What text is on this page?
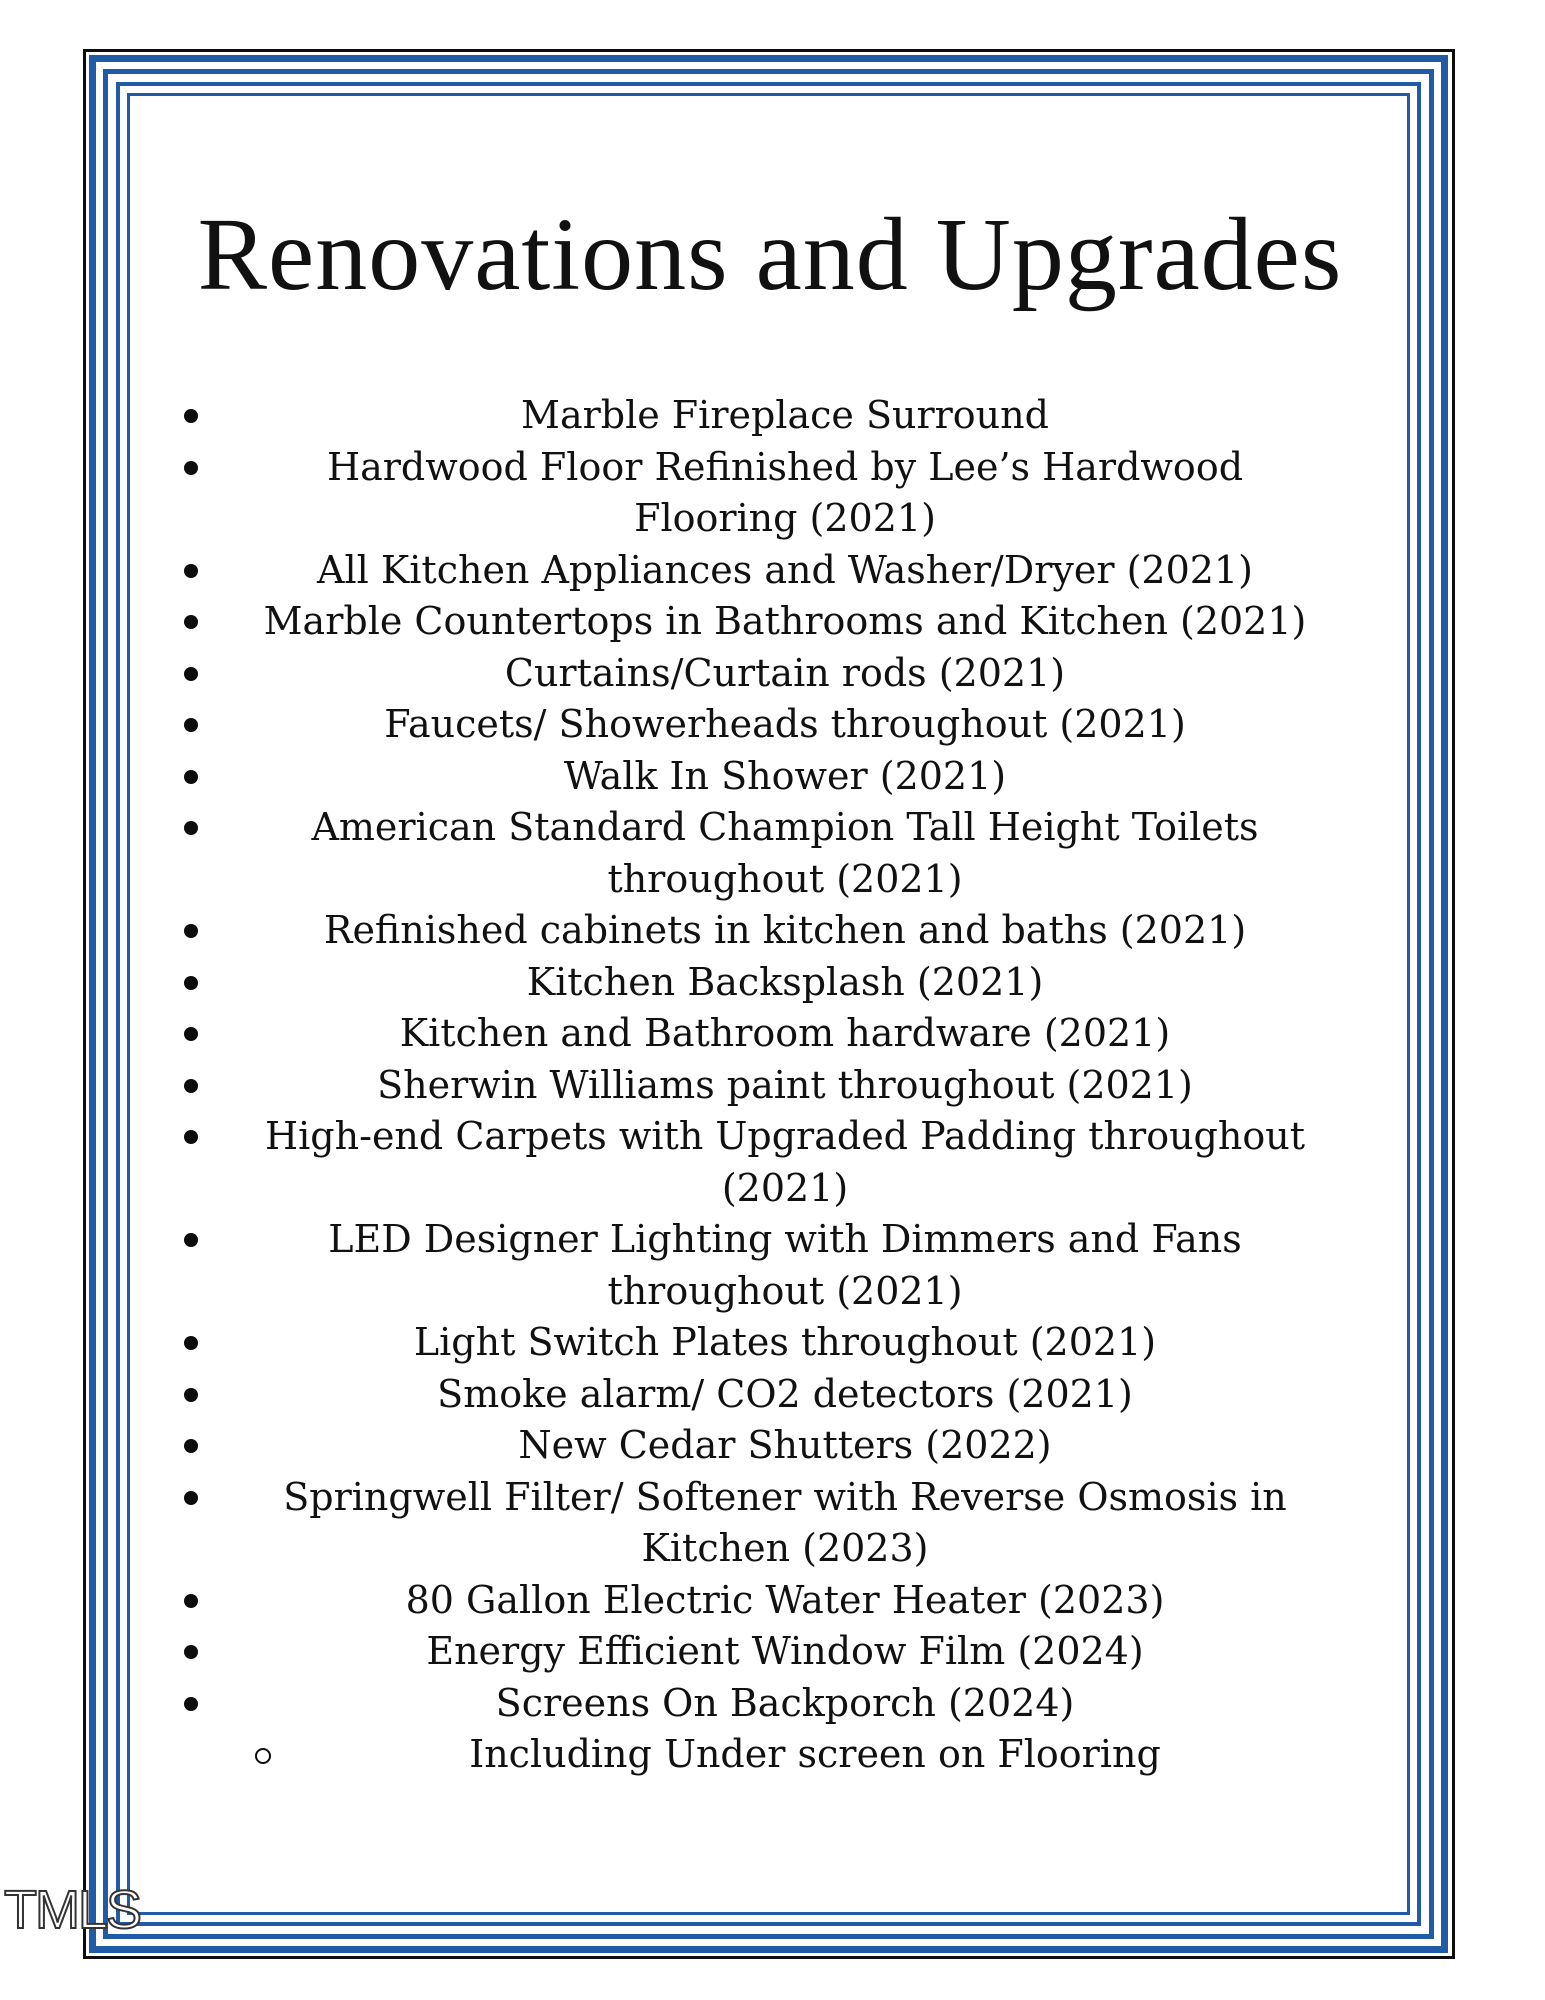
Renovations and Upgrades
Marble Fireplace Surround
Hardwood Floor Refinished by Lee’s Hardwood Flooring (2021)
All Kitchen Appliances and Washer/Dryer (2021)
Marble Countertops in Bathrooms and Kitchen (2021)
Curtains/Curtain rods (2021)
Faucets/ Showerheads throughout (2021)
Walk In Shower (2021)
American Standard Champion Tall Height Toilets throughout (2021)
Refinished cabinets in kitchen and baths (2021)
Kitchen Backsplash (2021)
Kitchen and Bathroom hardware (2021)
Sherwin Williams paint throughout (2021)
High-end Carpets with Upgraded Padding throughout (2021)
LED Designer Lighting with Dimmers and Fans throughout (2021)
Light Switch Plates throughout (2021)
Smoke alarm/ CO2 detectors (2021)
New Cedar Shutters (2022)
Springwell Filter/ Softener with Reverse Osmosis in Kitchen (2023)
80 Gallon Electric Water Heater (2023)
Energy Efficient Window Film (2024)
Screens On Backporch (2024)
Including Under screen on Flooring
TMLS
